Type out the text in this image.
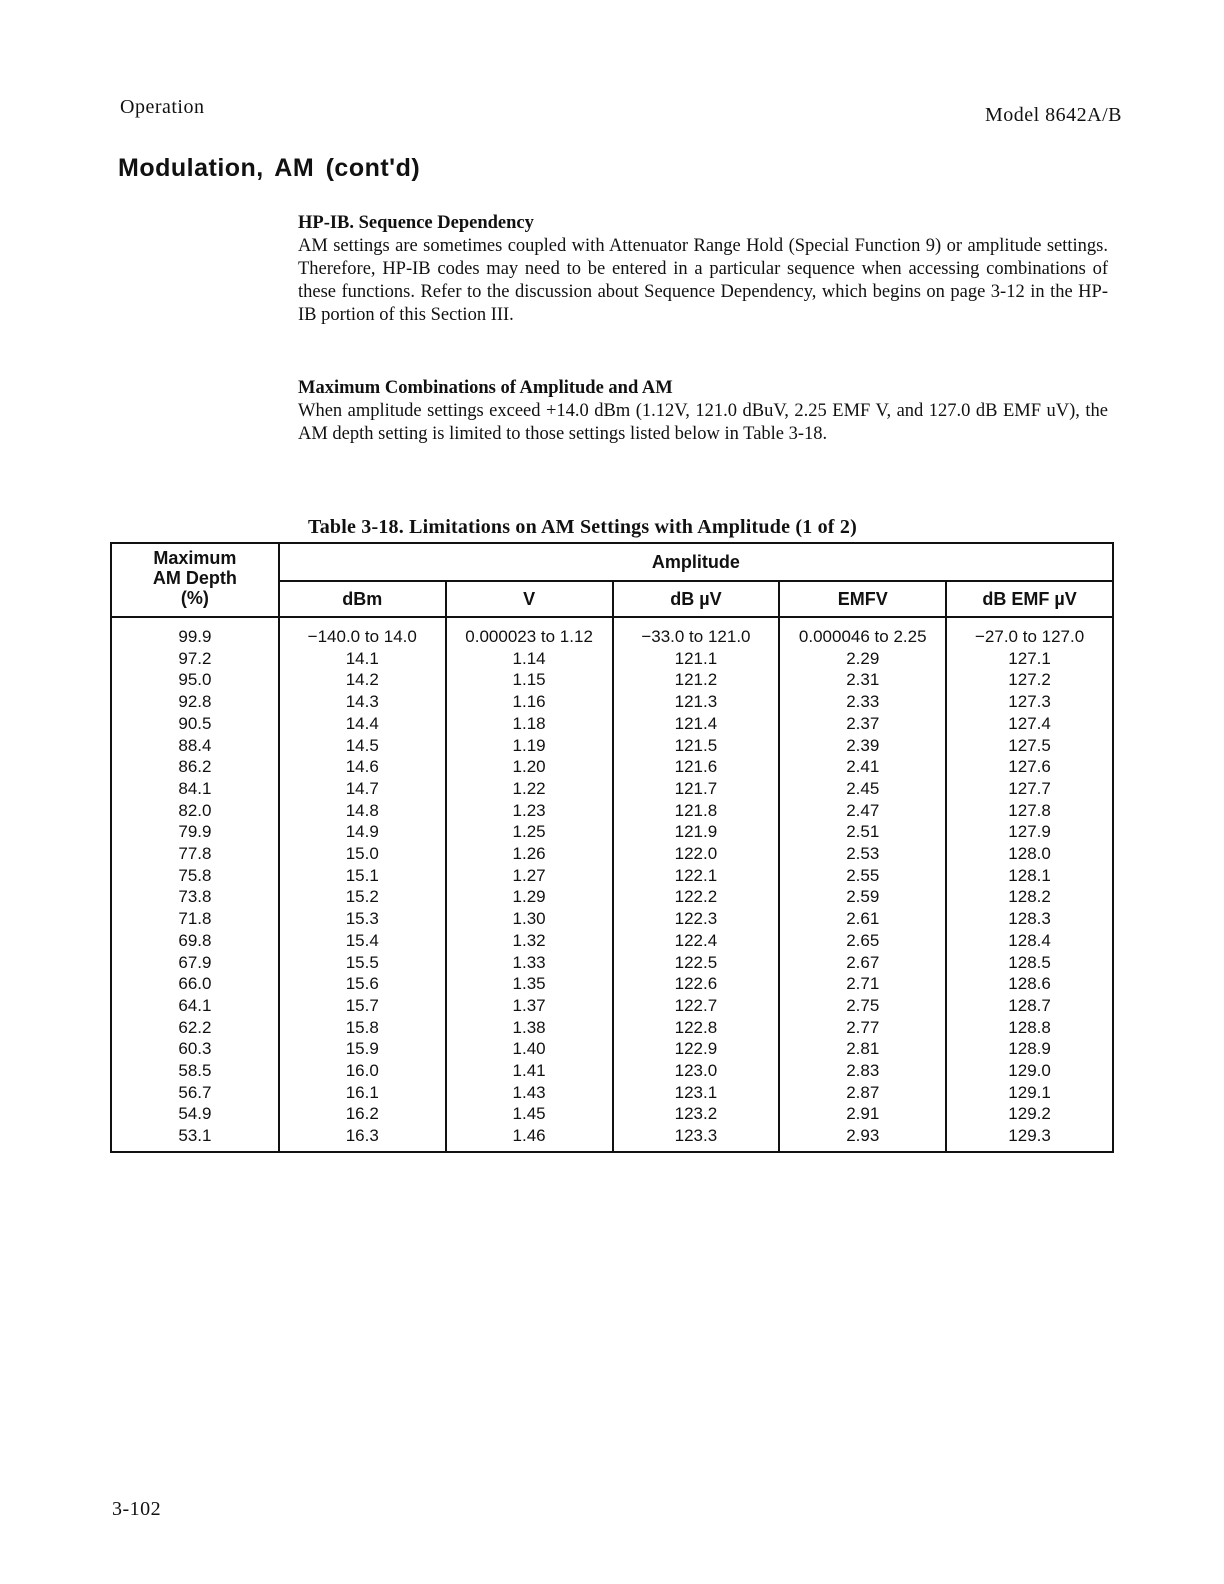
Operation	Model 8642A/B
Modulation, AM (cont'd)
HP-IB. Sequence Dependency

AM settings are sometimes coupled with Attenuator Range Hold (Special Function 9) or amplitude settings. Therefore, HP-IB codes may need to be entered in a particular sequence when accessing combinations of these functions. Refer to the discussion about Sequence Dependency, which begins on page 3-12 in the HP-IB portion of this Section III.

Maximum Combinations of Amplitude and AM

When amplitude settings exceed +14.0 dBm (1.12V, 121.0 dBuV, 2.25 EMF V, and 127.0 dB EMF uV), the AM depth setting is limited to those settings listed below in Table 3-18.

Table 3-18. Limitations on AM Settings with Amplitude (1 of 2)
Maximum
AM Depth
(%)	Amplitude				
	dBm	V	dB µV	EMFV	dB EMF µV
99.9	−140.0 to 14.0	0.000023 to 1.12	−33.0 to 121.0	0.000046 to 2.25	−27.0 to 127.0
97.2	14.1	1.14	121.1	2.29	127.1
95.0	14.2	1.15	121.2	2.31	127.2
92.8	14.3	1.16	121.3	2.33	127.3
90.5	14.4	1.18	121.4	2.37	127.4
88.4	14.5	1.19	121.5	2.39	127.5
86.2	14.6	1.20	121.6	2.41	127.6
84.1	14.7	1.22	121.7	2.45	127.7
82.0	14.8	1.23	121.8	2.47	127.8
79.9	14.9	1.25	121.9	2.51	127.9
77.8	15.0	1.26	122.0	2.53	128.0
75.8	15.1	1.27	122.1	2.55	128.1
73.8	15.2	1.29	122.2	2.59	128.2
71.8	15.3	1.30	122.3	2.61	128.3
69.8	15.4	1.32	122.4	2.65	128.4
67.9	15.5	1.33	122.5	2.67	128.5
66.0	15.6	1.35	122.6	2.71	128.6
64.1	15.7	1.37	122.7	2.75	128.7
62.2	15.8	1.38	122.8	2.77	128.8
60.3	15.9	1.40	122.9	2.81	128.9
58.5	16.0	1.41	123.0	2.83	129.0
56.7	16.1	1.43	123.1	2.87	129.1
54.9	16.2	1.45	123.2	2.91	129.2
53.1	16.3	1.46	123.3	2.93	129.3
3-102
